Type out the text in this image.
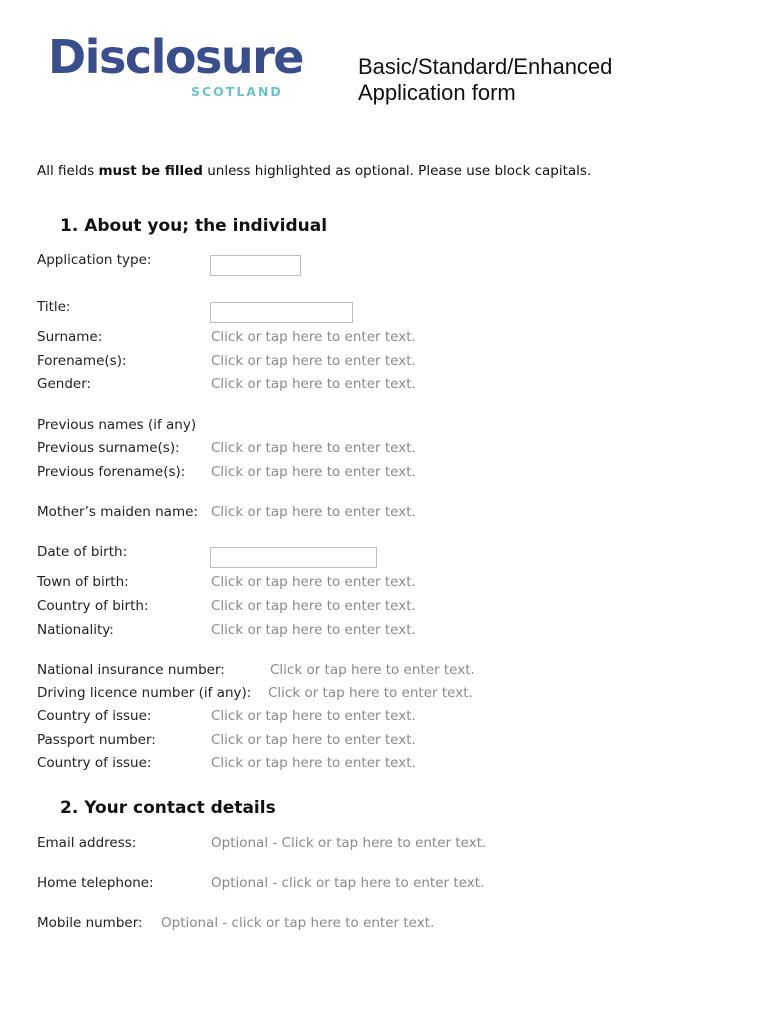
Disclosure
SCOTLAND
Basic/Standard/Enhanced
Application form
All fields must be filled unless highlighted as optional. Please use block capitals.
1. About you; the individual
Application type:
Title:
Surname:	Click or tap here to enter text.
Forename(s):	Click or tap here to enter text.
Gender:	Click or tap here to enter text.
Previous names (if any)
Previous surname(s): Click or tap here to enter text.
Previous forename(s): Click or tap here to enter text.
Mother’s maiden name: Click or tap here to enter text.
Date of birth:
Town of birth:	Click or tap here to enter text.
Country of birth:	Click or tap here to enter text.
Nationality:	Click or tap here to enter text.
National insurance number:	Click or tap here to enter text.
Driving licence number (if any): Click or tap here to enter text.
Country of issue:	Click or tap here to enter text.
Passport number:	Click or tap here to enter text.
Country of issue:	Click or tap here to enter text.
2. Your contact details
Email address:	Optional - Click or tap here to enter text.
Home telephone:	Optional - click or tap here to enter text.
Mobile number: Optional - click or tap here to enter text.
